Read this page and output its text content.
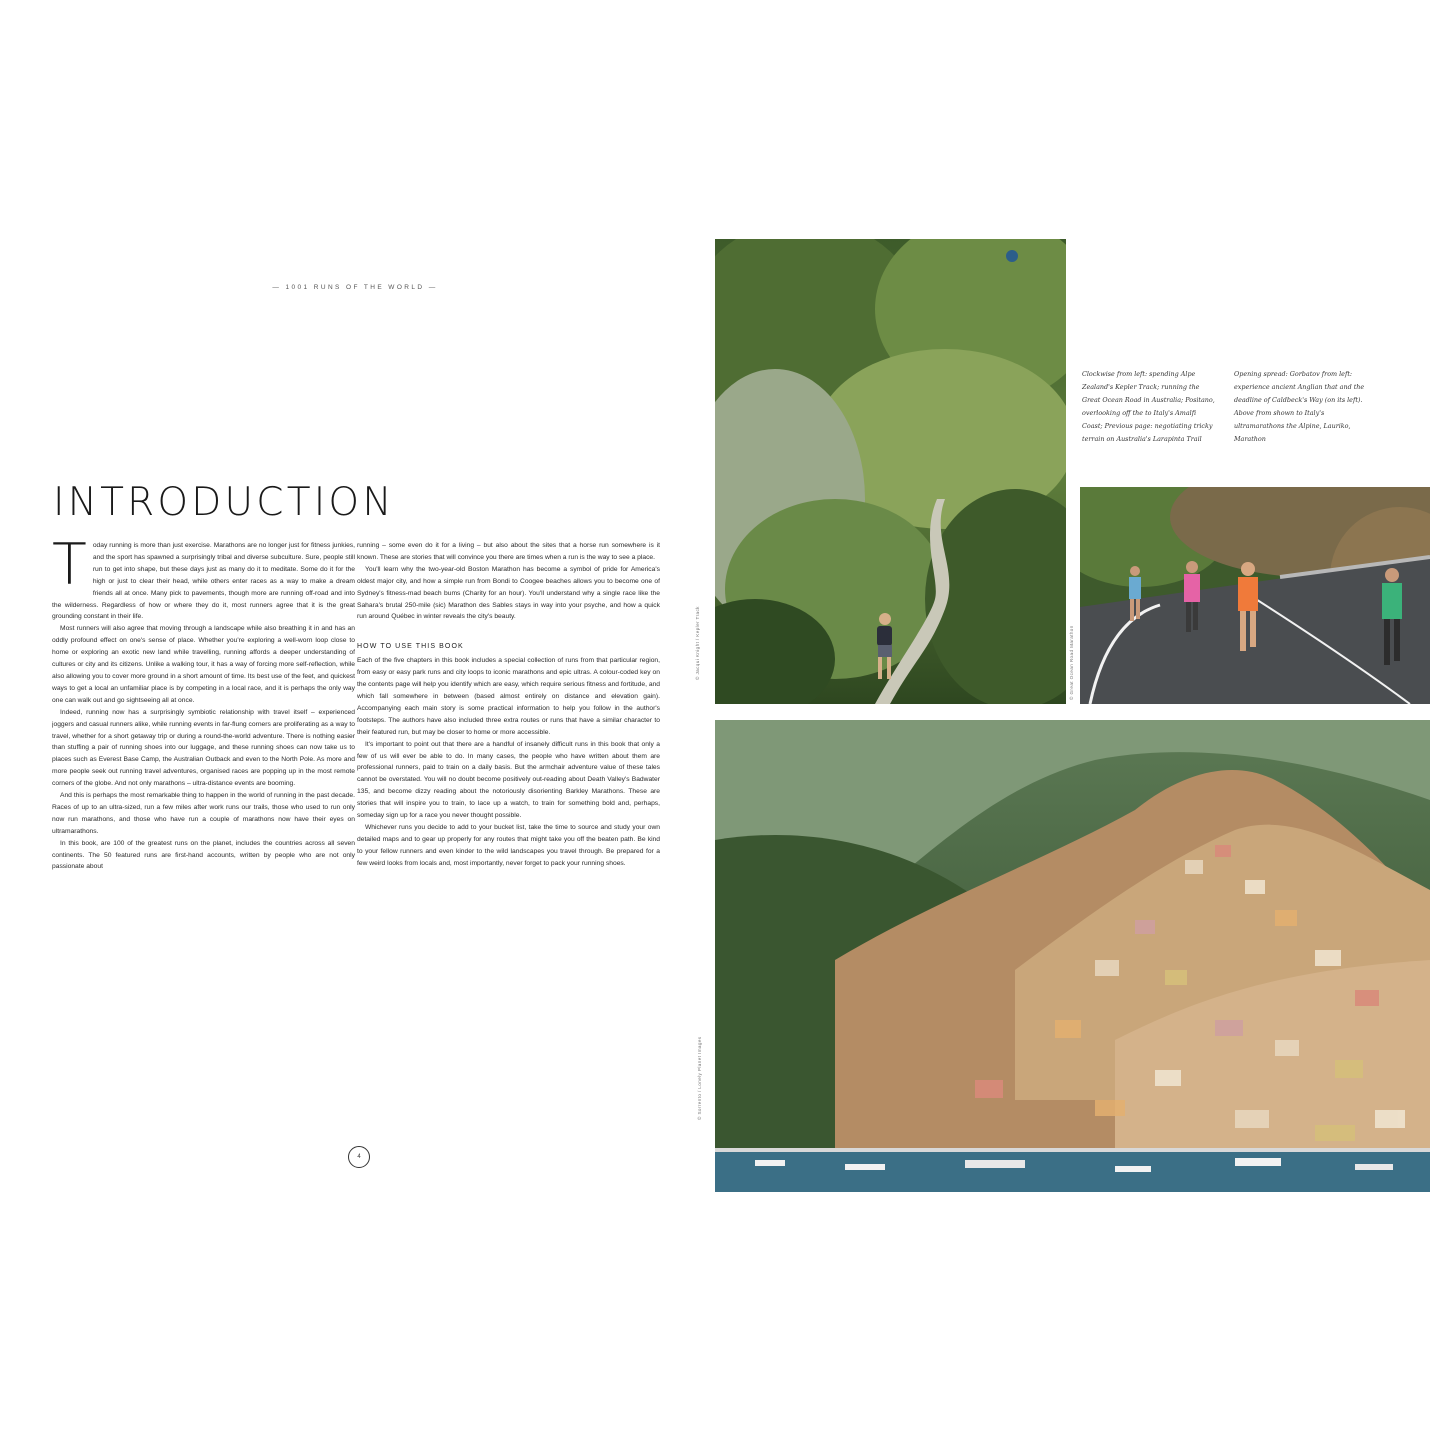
— 1001 RUNS OF THE WORLD —
INTRODUCTION
T oday running is more than just exercise. Marathons are no longer just for fitness junkies, and the sport has spawned a surprisingly tribal and diverse subculture. Sure, people still run to get into shape, but these days just as many do it to meditate. Some do it for the high or just to clear their head, while others enter races as a way to make a dream friends all at once. Many pick to pavements, though more are running off-road and into the wilderness. Regardless of how or where they do it, most runners agree that it is the great grounding constant in their life.

Most runners will also agree that moving through a landscape while also breathing it in and has an oddly profound effect on one's sense of place. Whether you're exploring a well-worn loop close to home or exploring an exotic new land while travelling, running affords a deeper understanding of cultures or city and its citizens. Unlike a walking tour, it has a way of forcing more self-reflection, while also allowing you to cover more ground in a short amount of time. Its best use of the feet, and quickest ways to get a local an unfamiliar place is by competing in a local race, and it is perhaps the only way one can walk out and go sightseeing all at once.

Indeed, running now has a surprisingly symbiotic relationship with travel itself – experienced joggers and casual runners alike, while running events in far-flung corners are proliferating as a way to travel, whether for a short getaway trip or during a round-the-world adventure. There is nothing easier than stuffing a pair of running shoes into our luggage, and these running shoes can now take us to places such as Everest Base Camp, the Australian Outback and even to the North Pole. As more and more people seek out running travel adventures, organised races are popping up in the most remote corners of the globe. And not only marathons – ultra-distance events are booming.

And this is perhaps the most remarkable thing to happen in the world of running in the past decade. Races of up to an ultra-sized, run a few miles after work runs our trails, those who used to run only now run marathons, and those who have run a couple of marathons now have their eyes on ultramarathons.

In this book, are 100 of the greatest runs on the planet, includes the countries across all seven continents. The 50 featured runs are first-hand accounts, written by people who are not only passionate about

running – some even do it for a living – but also about the sites that a horse run somewhere is it known. These are stories that will convince you there are times when a run is the way to see a place.

You'll learn why the two-year-old Boston Marathon has become a symbol of pride for America's oldest major city, and how a simple run from Bondi to Coogee beaches allows you to become one of Sydney's fitness-mad beach bums (Charity for an hour). You'll understand why a single race like the Sahara's brutal 250-mile (sic) Marathon des Sables stays in way into your psyche, and how a quick run around Québec in winter reveals the city's beauty.

HOW TO USE THIS BOOK

Each of the five chapters in this book includes a special collection of runs from that particular region, from easy or easy park runs and city loops to iconic marathons and epic ultras. A colour-coded key on the contents page will help you identify which are easy, which require serious fitness and fortitude, and which fall somewhere in between (based almost entirely on distance and elevation gain). Accompanying each main story is some practical information to help you follow in the author's footsteps. The authors have also included three extra routes or runs that have a similar character to their featured run, but may be closer to home or more accessible.

It's important to point out that there are a handful of insanely difficult runs in this book that only a few of us will ever be able to do. In many cases, the people who have written about them are professional runners, paid to train on a daily basis. But the armchair adventure value of these tales cannot be overstated. You will no doubt become positively out-reading about Death Valley's Badwater 135, and become dizzy reading about the notoriously disorienting Barkley Marathons. These are stories that will inspire you to train, to lace up a watch, to train for something bold and, perhaps, someday sign up for a race you never thought possible.

Whichever runs you decide to add to your bucket list, take the time to source and study your own detailed maps and to gear up properly for any routes that might take you off the beaten path. Be kind to your fellow runners and even kinder to the wild landscapes you travel through. Be prepared for a few weird looks from locals and, most importantly, never forget to pack your running shoes.

4
© Jacqui Knight / Kepler Track
Clockwise from left: spending Alpe Zealand's Kepler Track; running the Great Ocean Road in Australia; Positano, overlooking off the to Italy's Amalfi Coast; Previous page: negotiating tricky terrain on Australia's Larapinta Trail
Opening spread: Gorbatov from left: experience ancient Anglian that and the deadline of Caldbeck's Way (on its left). Above from shown to Italy's ultramarathons the Alpine, Lauriko, Marathon
© Great Ocean Road Marathon
© Sorrento / Lonely Planet Images
